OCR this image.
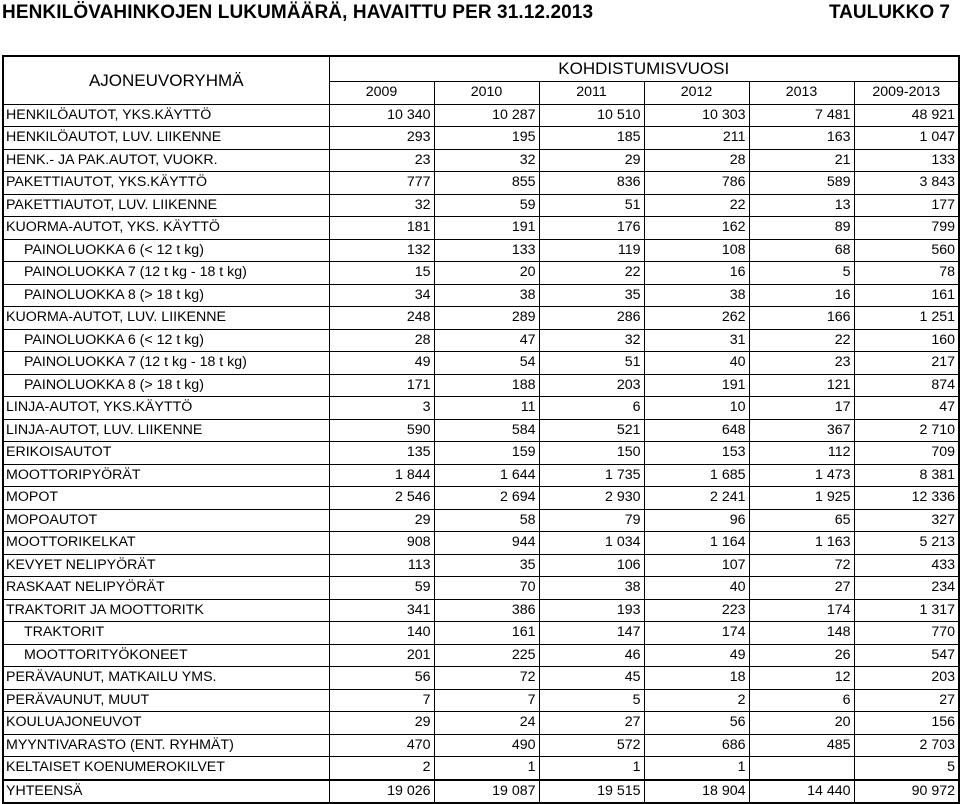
HENKILÖVAHINKOJEN LUKUMÄÄRÄ, HAVAITTU PER 31.12.2013	TAULUKKO 7
AJONEUVORYHMÄ	KOHDISTUMISVUOSI					
	2009	2010	2011	2012	2013	2009-2013
HENKILÖAUTOT, YKS.KÄYTTÖ	10 340	10 287	10 510	10 303	7 481	48 921
HENKILÖAUTOT, LUV. LIIKENNE	293	195	185	211	163	1 047
HENK.- JA PAK.AUTOT, VUOKR.	23	32	29	28	21	133
PAKETTIAUTOT, YKS.KÄYTTÖ	777	855	836	786	589	3 843
PAKETTIAUTOT, LUV. LIIKENNE	32	59	51	22	13	177
KUORMA-AUTOT, YKS. KÄYTTÖ	181	191	176	162	89	799
PAINOLUOKKA 6 (< 12 t kg)	132	133	119	108	68	560
PAINOLUOKKA 7 (12 t kg - 18 t kg)	15	20	22	16	5	78
PAINOLUOKKA 8 (> 18 t kg)	34	38	35	38	16	161
KUORMA-AUTOT, LUV. LIIKENNE	248	289	286	262	166	1 251
PAINOLUOKKA 6 (< 12 t kg)	28	47	32	31	22	160
PAINOLUOKKA 7 (12 t kg - 18 t kg)	49	54	51	40	23	217
PAINOLUOKKA 8 (> 18 t kg)	171	188	203	191	121	874
LINJA-AUTOT, YKS.KÄYTTÖ	3	11	6	10	17	47
LINJA-AUTOT, LUV. LIIKENNE	590	584	521	648	367	2 710
ERIKOISAUTOT	135	159	150	153	112	709
MOOTTORIPYÖRÄT	1 844	1 644	1 735	1 685	1 473	8 381
MOPOT	2 546	2 694	2 930	2 241	1 925	12 336
MOPOAUTOT	29	58	79	96	65	327
MOOTTORIKELKAT	908	944	1 034	1 164	1 163	5 213
KEVYET NELIPYÖRÄT	113	35	106	107	72	433
RASKAAT NELIPYÖRÄT	59	70	38	40	27	234
TRAKTORIT JA MOOTTORITK	341	386	193	223	174	1 317
TRAKTORIT	140	161	147	174	148	770
MOOTTORITYÖKONEET	201	225	46	49	26	547
PERÄVAUNUT, MATKAILU YMS.	56	72	45	18	12	203
PERÄVAUNUT, MUUT	7	7	5	2	6	27
KOULUAJONEUVOT	29	24	27	56	20	156
MYYNTIVARASTO (ENT. RYHMÄT)	470	490	572	686	485	2 703
KELTAISET KOENUMEROKILVET	2	1	1	1		5
YHTEENSÄ	19 026	19 087	19 515	18 904	14 440	90 972
